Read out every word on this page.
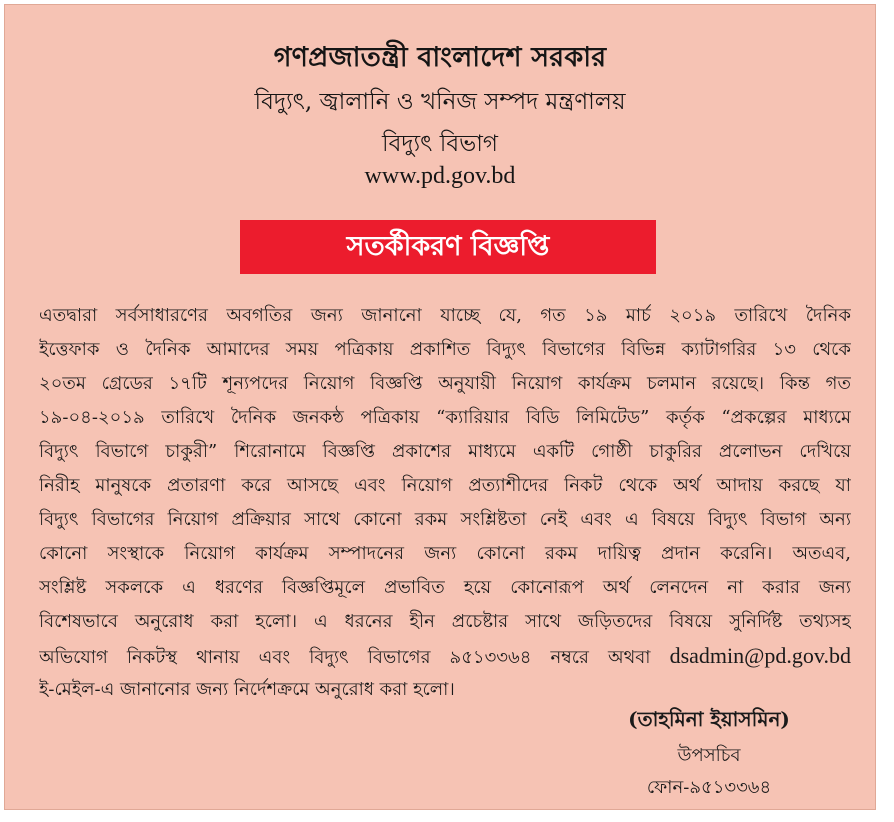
গণপ্রজাতন্ত্রী বাংলাদেশ সরকার
বিদ্যুৎ, জ্বালানি ও খনিজ সম্পদ মন্ত্রণালয়
বিদ্যুৎ বিভাগ
www.pd.gov.bd
সতর্কীকরণ বিজ্ঞপ্তি
এতদ্বারা সর্বসাধারণের অবগতির জন্য জানানো যাচ্ছে যে, গত ১৯ মার্চ ২০১৯ তারিখে দৈনিক
ইত্তেফাক ও দৈনিক আমাদের সময় পত্রিকায় প্রকাশিত বিদ্যুৎ বিভাগের বিভিন্ন ক্যাটাগরির ১৩ থেকে
২০তম গ্রেডের ১৭টি শূন্যপদের নিয়োগ বিজ্ঞপ্তি অনুযায়ী নিয়োগ কার্যক্রম চলমান রয়েছে। কিন্ত গত
১৯-০৪-২০১৯ তারিখে দৈনিক জনকন্ঠ পত্রিকায় “ক্যারিয়ার বিডি লিমিটেড” কর্তৃক “প্রকল্পের মাধ্যমে
বিদ্যুৎ বিভাগে চাকুরী” শিরোনামে বিজ্ঞপ্তি প্রকাশের মাধ্যমে একটি গোষ্ঠী চাকুরির প্রলোভন দেখিয়ে
নিরীহ মানুষকে প্রতারণা করে আসছে এবং নিয়োগ প্রত্যাশীদের নিকট থেকে অর্থ আদায় করছে যা
বিদ্যুৎ বিভাগের নিয়োগ প্রক্রিয়ার সাথে কোনো রকম সংশ্লিষ্টতা নেই এবং এ বিষয়ে বিদ্যুৎ বিভাগ অন্য
কোনো সংস্থাকে নিয়োগ কার্যক্রম সম্পাদনের জন্য কোনো রকম দায়িত্ব প্রদান করেনি। অতএব,
সংশ্লিষ্ট সকলকে এ ধরণের বিজ্ঞপ্তিমূলে প্রভাবিত হয়ে কোনোরূপ অর্থ লেনদেন না করার জন্য
বিশেষভাবে অনুরোধ করা হলো। এ ধরনের হীন প্রচেষ্টার সাথে জড়িতদের বিষয়ে সুনির্দিষ্ট তথ্যসহ
অভিযোগ নিকটস্থ থানায় এবং বিদ্যুৎ বিভাগের ৯৫১৩৩৬৪ নম্বরে অথবা dsadmin@pd.gov.bd
ই-মেইল-এ জানানোর জন্য নির্দেশক্রমে অনুরোধ করা হলো।
(তাহমিনা ইয়াসমিন)
উপসচিব
ফোন-৯৫১৩৩৬৪
